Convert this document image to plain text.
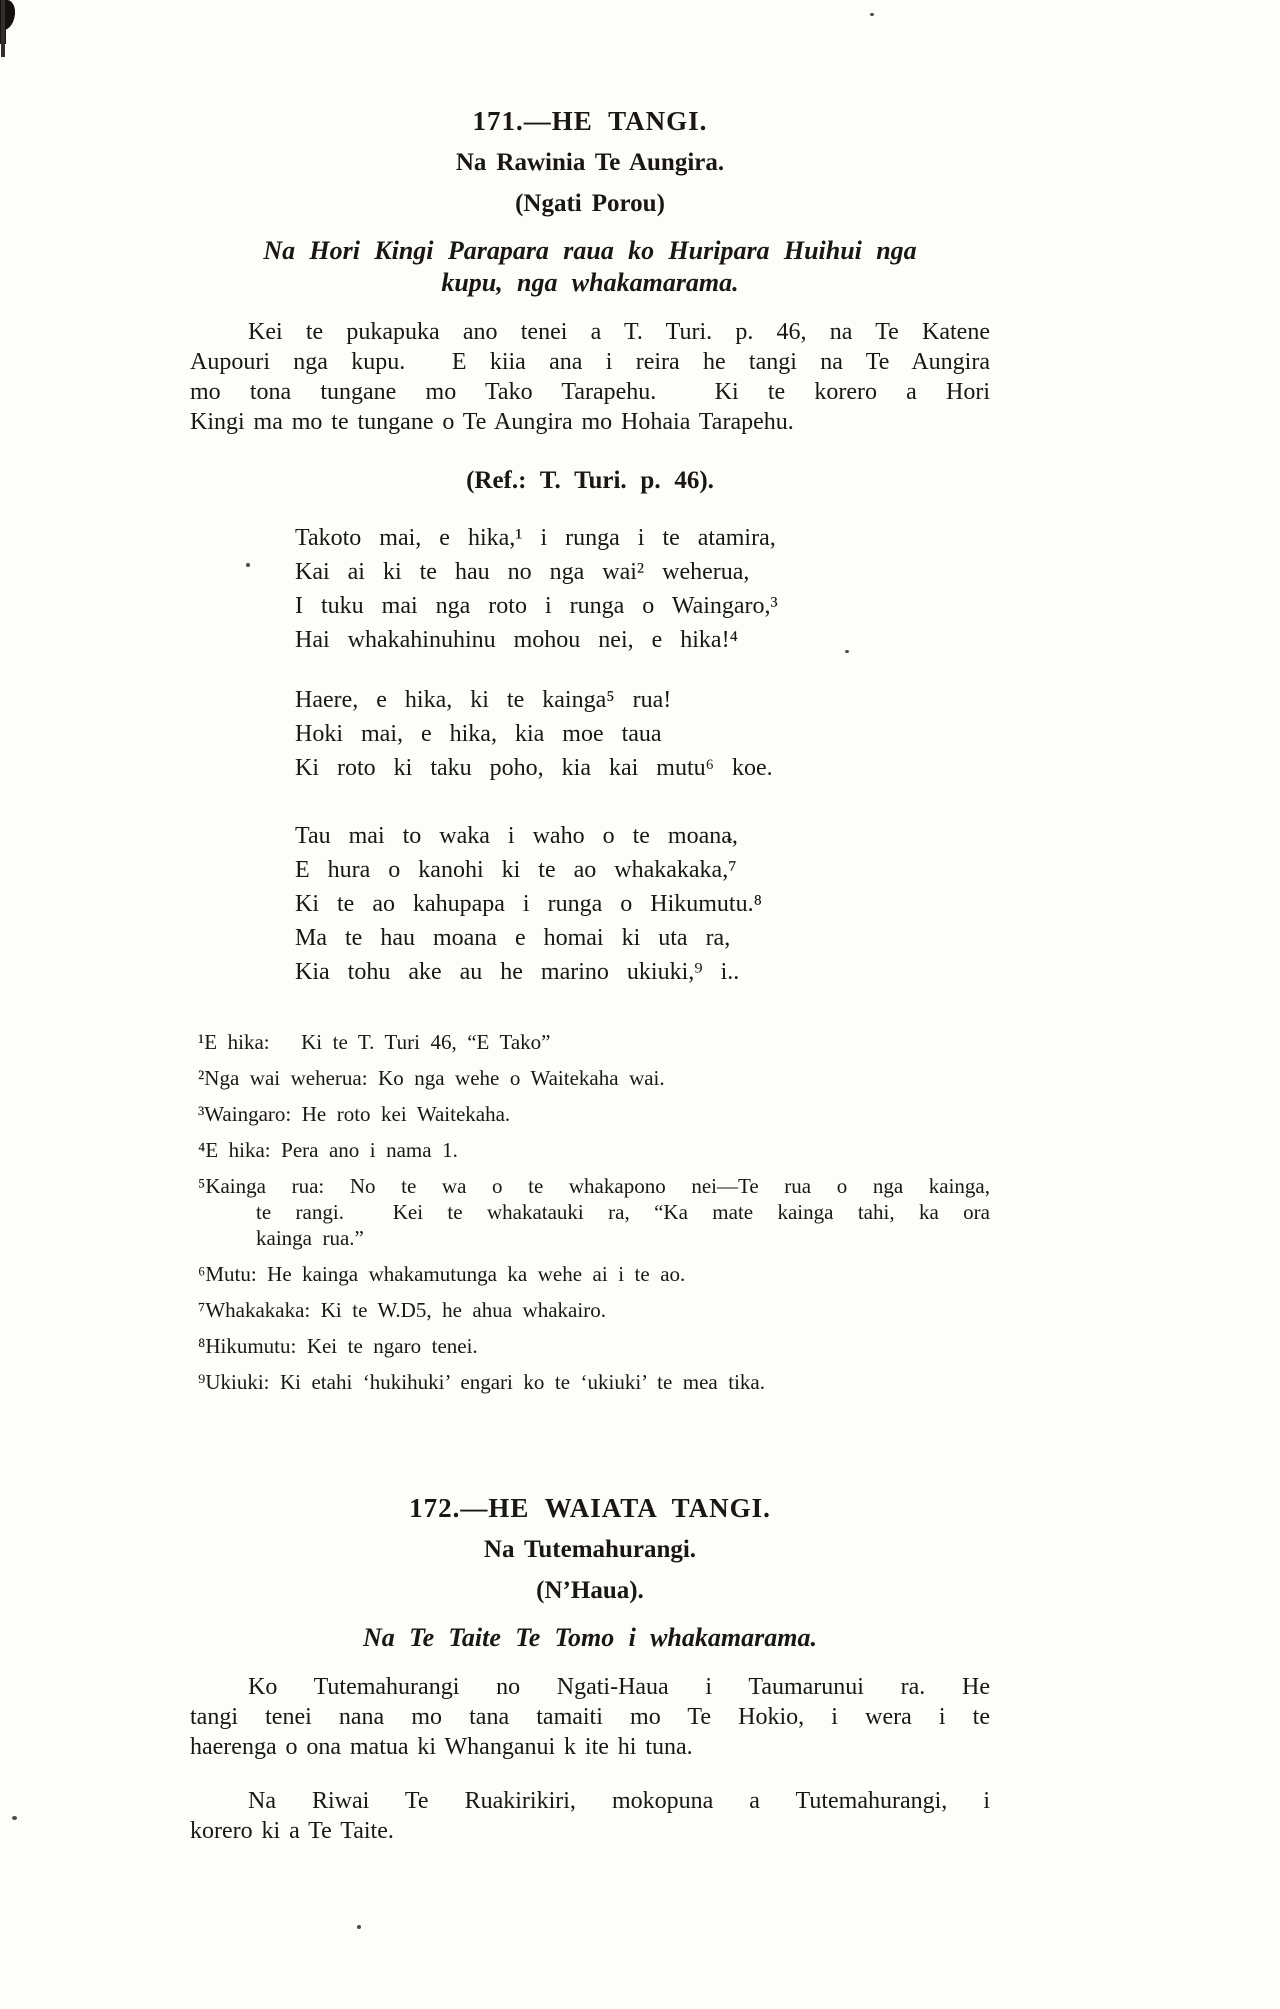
171.—HE TANGI.
Na Rawinia Te Aungira.
(Ngati Porou)
Na Hori Kingi Parapara raua ko Huripara Huihui nga
kupu, nga whakamarama.
Kei te pukapuka ano tenei a T. Turi. p. 46, na Te Katene
Aupouri nga kupu.  E kiia ana i reira he tangi na Te Aungira
mo tona tungane mo Tako Tarapehu.  Ki te korero a Hori
Kingi ma mo te tungane o Te Aungira mo Hohaia Tarapehu.
(Ref.: T. Turi. p. 46).
Takoto mai, e hika,¹ i runga i te atamira,
Kai ai ki te hau no nga wai² weherua,
I tuku mai nga roto i runga o Waingaro,³
Hai whakahinuhinu mohou nei, e hika!⁴
Haere, e hika, ki te kainga⁵ rua!
Hoki mai, e hika, kia moe taua
Ki roto ki taku poho, kia kai mutu⁶ koe.
Tau mai to waka i waho o te moana,
E hura o kanohi ki te ao whakakaka,⁷
Ki te ao kahupapa i runga o Hikumutu.⁸
Ma te hau moana e homai ki uta ra,
Kia tohu ake au he marino ukiuki,⁹ i..
¹E hika:   Ki te T. Turi 46, “E Tako”
²Nga wai weherua: Ko nga wehe o Waitekaha wai.
³Waingaro: He roto kei Waitekaha.
⁴E hika: Pera ano i nama 1.
⁵Kainga rua: No te wa o te whakapono nei—Te rua o nga kainga,
te rangi.  Kei te whakatauki ra, “Ka mate kainga tahi, ka ora
kainga rua.”
⁶Mutu: He kainga whakamutunga ka wehe ai i te ao.
⁷Whakakaka: Ki te W.D5, he ahua whakairo.
⁸Hikumutu: Kei te ngaro tenei.
⁹Ukiuki: Ki etahi ‘hukihuki’ engari ko te ‘ukiuki’ te mea tika.
172.—HE WAIATA TANGI.
Na Tutemahurangi.
(N’Haua).
Na Te Taite Te Tomo i whakamarama.
Ko Tutemahurangi no Ngati-Haua i Taumarunui ra. He
tangi tenei nana mo tana tamaiti mo Te Hokio, i wera i te
haerenga o ona matua ki Whanganui k ite hi tuna.
Na Riwai Te Ruakirikiri, mokopuna a Tutemahurangi, i
korero ki a Te Taite.
